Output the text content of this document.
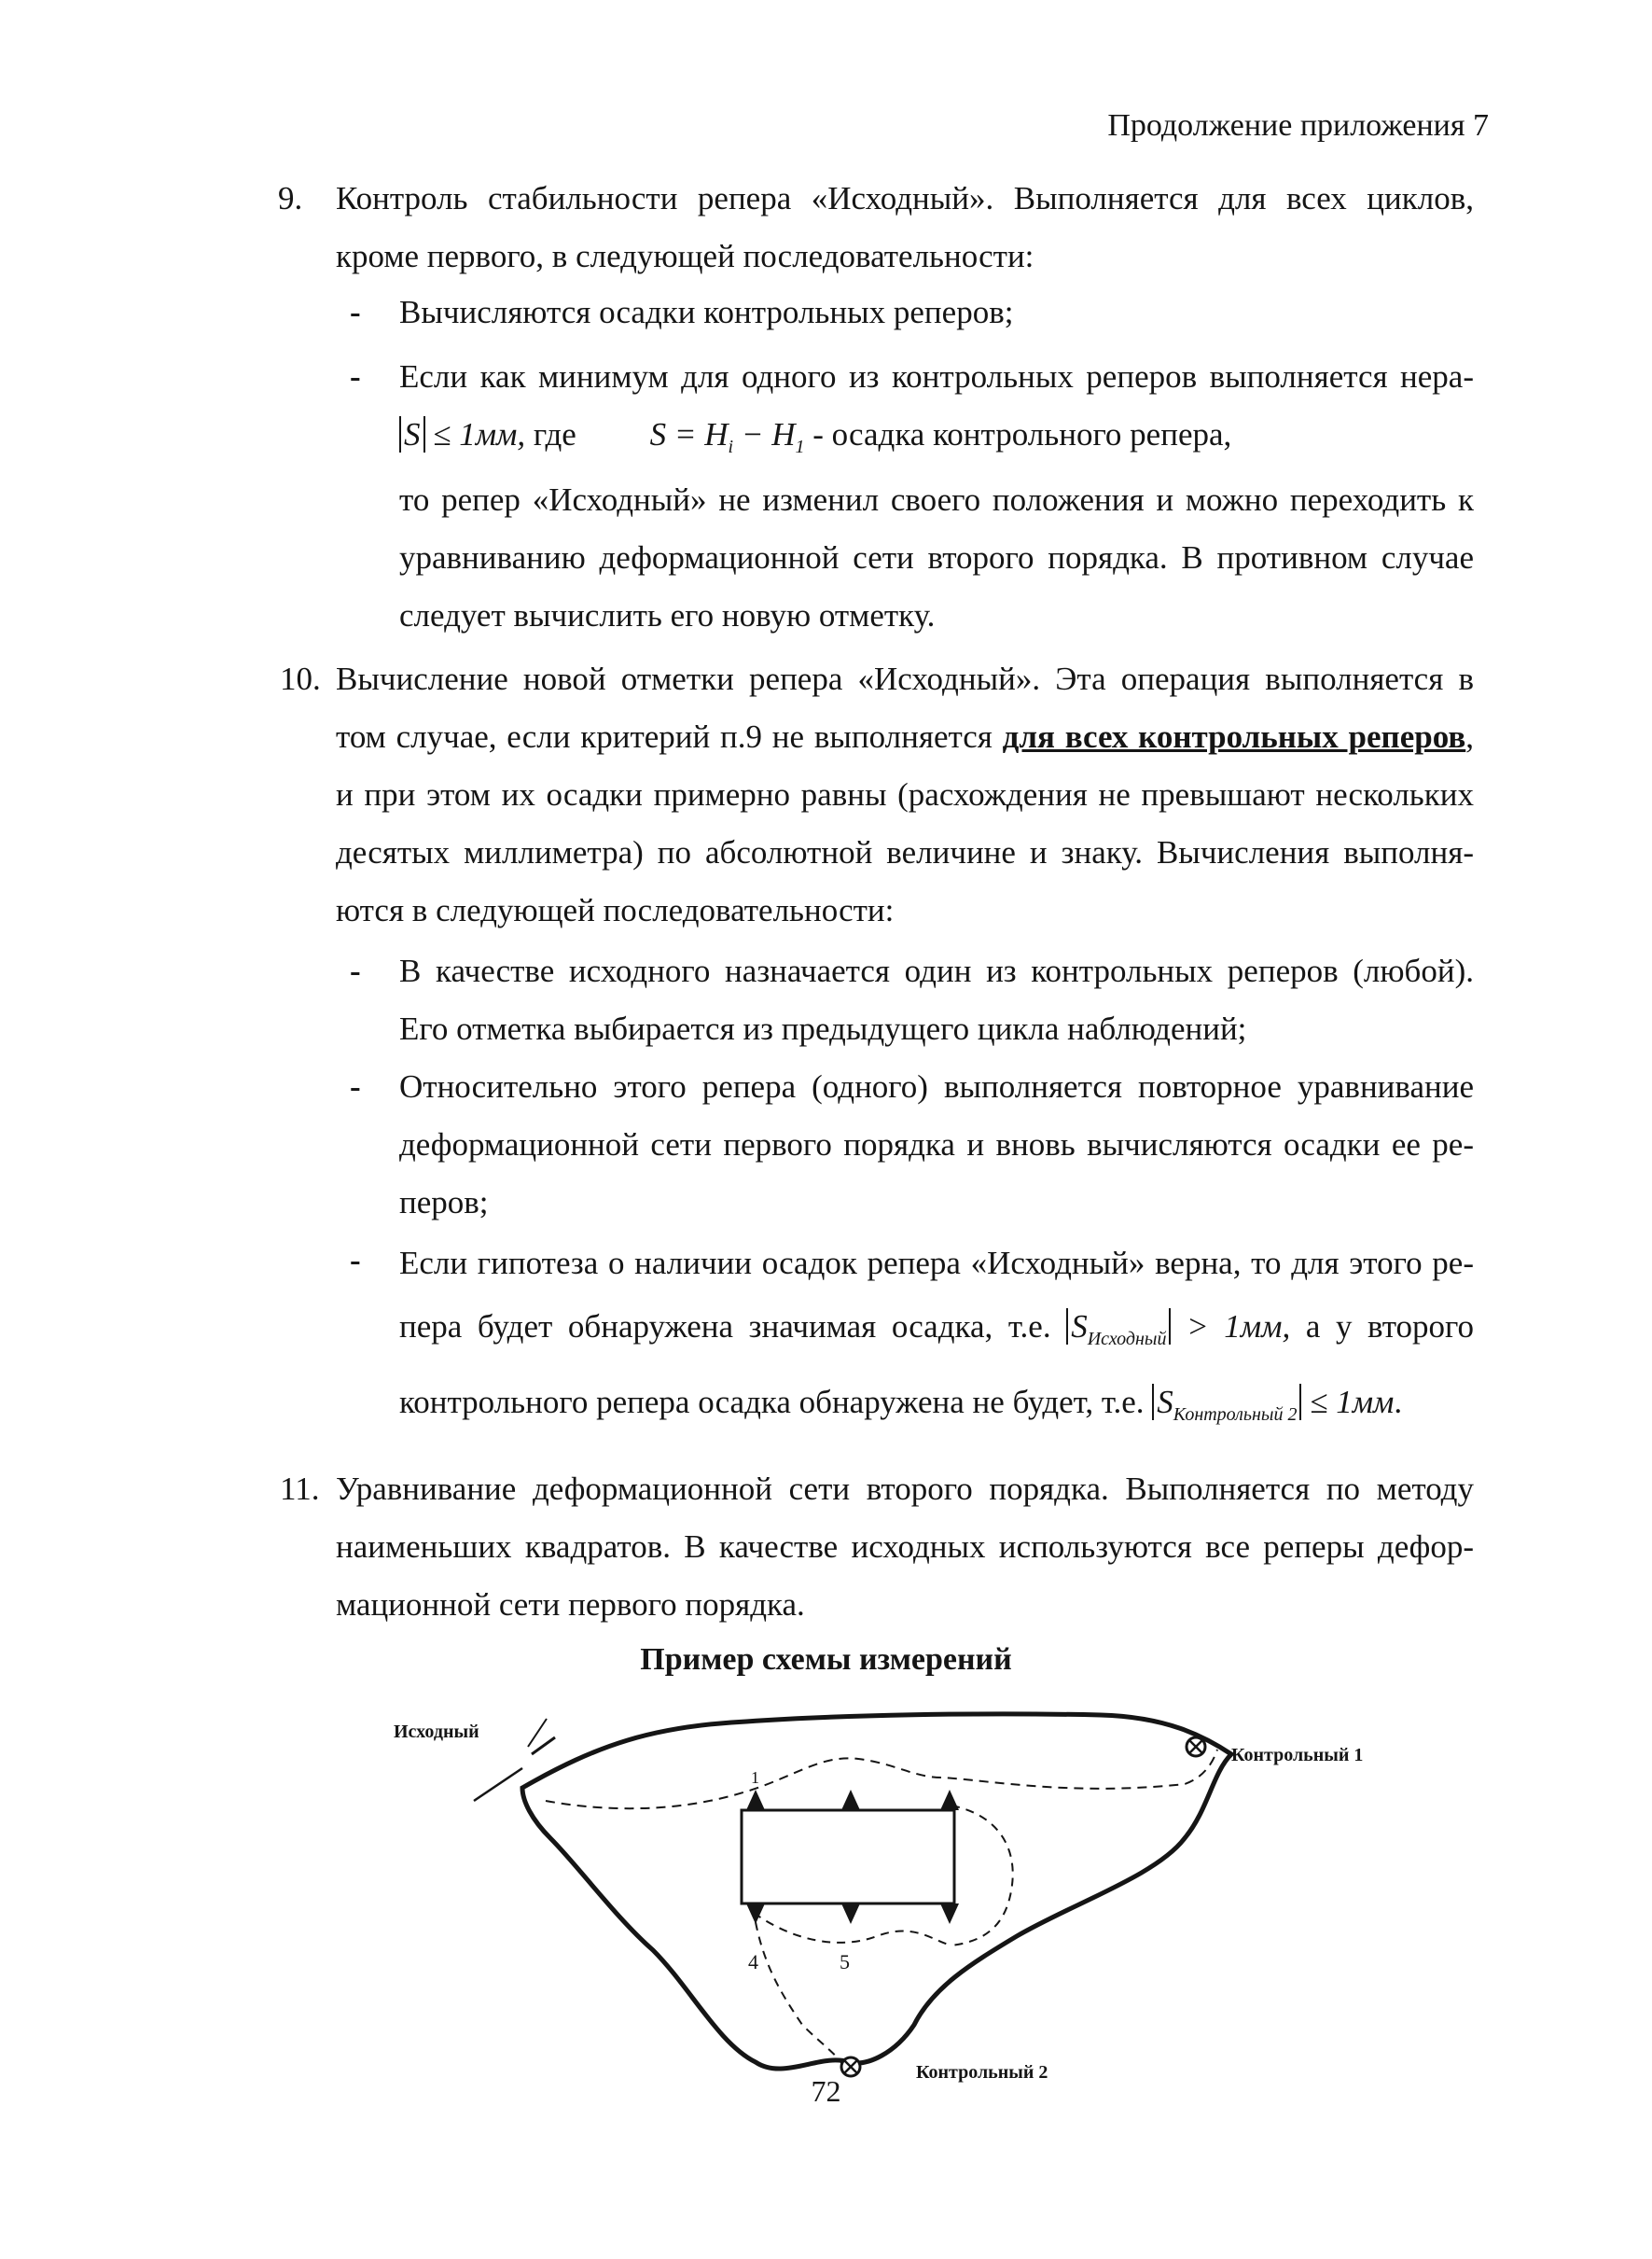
Продолжение приложения 7
9. Контроль стабильности репера «Исходный». Выполняется для всех циклов, кроме первого, в следующей последовательности:
- Вычисляются осадки контрольных реперов;
- Если как минимум для одного из контрольных реперов выполняется нера-
S ≤ 1мм, где $S = H_i - H_1$ - осадка контрольного репера,
то репер «Исходный» не изменил своего положения и можно переходить к уравниванию деформационной сети второго порядка. В противном случае следует вычислить его новую отметку.
10. Вычисление новой отметки репера «Исходный». Эта операция выполняется в том случае, если критерий п.9 не выполняется для всех контрольных реперов, и при этом их осадки примерно равны (расхождения не превышают нескольких десятых миллиметра) по абсолютной величине и знаку. Вычисления выполня-ются в следующей последовательности:
- В качестве исходного назначается один из контрольных реперов (любой). Его отметка выбирается из предыдущего цикла наблюдений;
- Относительно этого репера (одного) выполняется повторное уравнивание деформационной сети первого порядка и вновь вычисляются осадки ее ре-перов;
- Если гипотеза о наличии осадок репера «Исходный» верна, то для этого ре-пера будет обнаружена значимая осадка, т.е. $S_{Исходный} > 1мм$, а у второго контрольного репера осадка обнаружена не будет, т.е. $S_{Контрольный 2} \le 1мм$.
11. Уравнивание деформационной сети второго порядка. Выполняется по методу наименьших квадратов. В качестве исходных используются все реперы дефор-мационной сети первого порядка.
Пример схемы измерений
Исходный
Контрольный 1
Контрольный 2
4	5
1
72
